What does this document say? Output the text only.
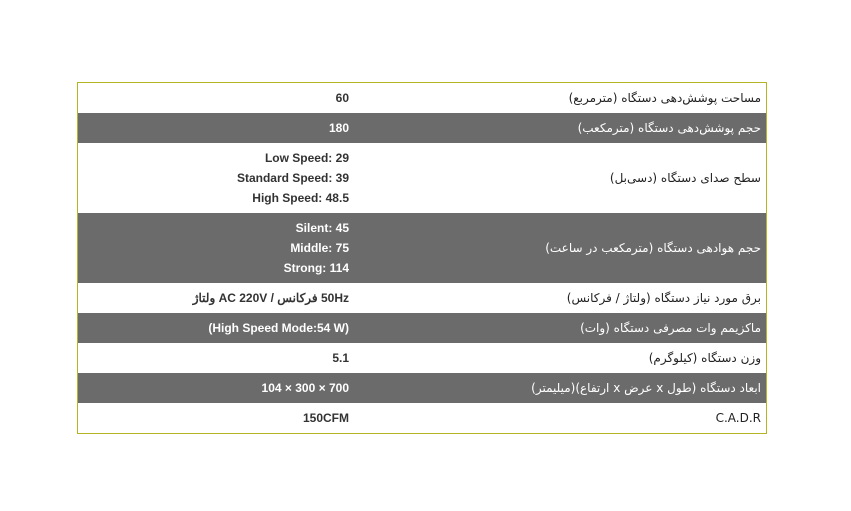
مساحت پوشش‌دهی دستگاه (مترمربع)
60
حجم پوشش‌دهی دستگاه (مترمکعب)
180
سطح صدای دستگاه (دسی‌بل)
Low Speed: 29
Standard Speed: 39
High Speed: 48.5
حجم هوادهی دستگاه (مترمکعب در ساعت)
Silent: 45
Middle: 75
Strong: 114
برق مورد نیاز دستگاه (ولتاژ / فرکانس)
50Hz فرکانس / AC 220V ولتاژ
ماکزیمم وات مصرفی دستگاه (وات)
(High Speed Mode:54 W)
وزن دستگاه (کیلوگرم)
5.1
ابعاد دستگاه (طول x عرض x ارتفاع)(میلیمتر)
700 × 300 × 104
C.A.D.R
150CFM
